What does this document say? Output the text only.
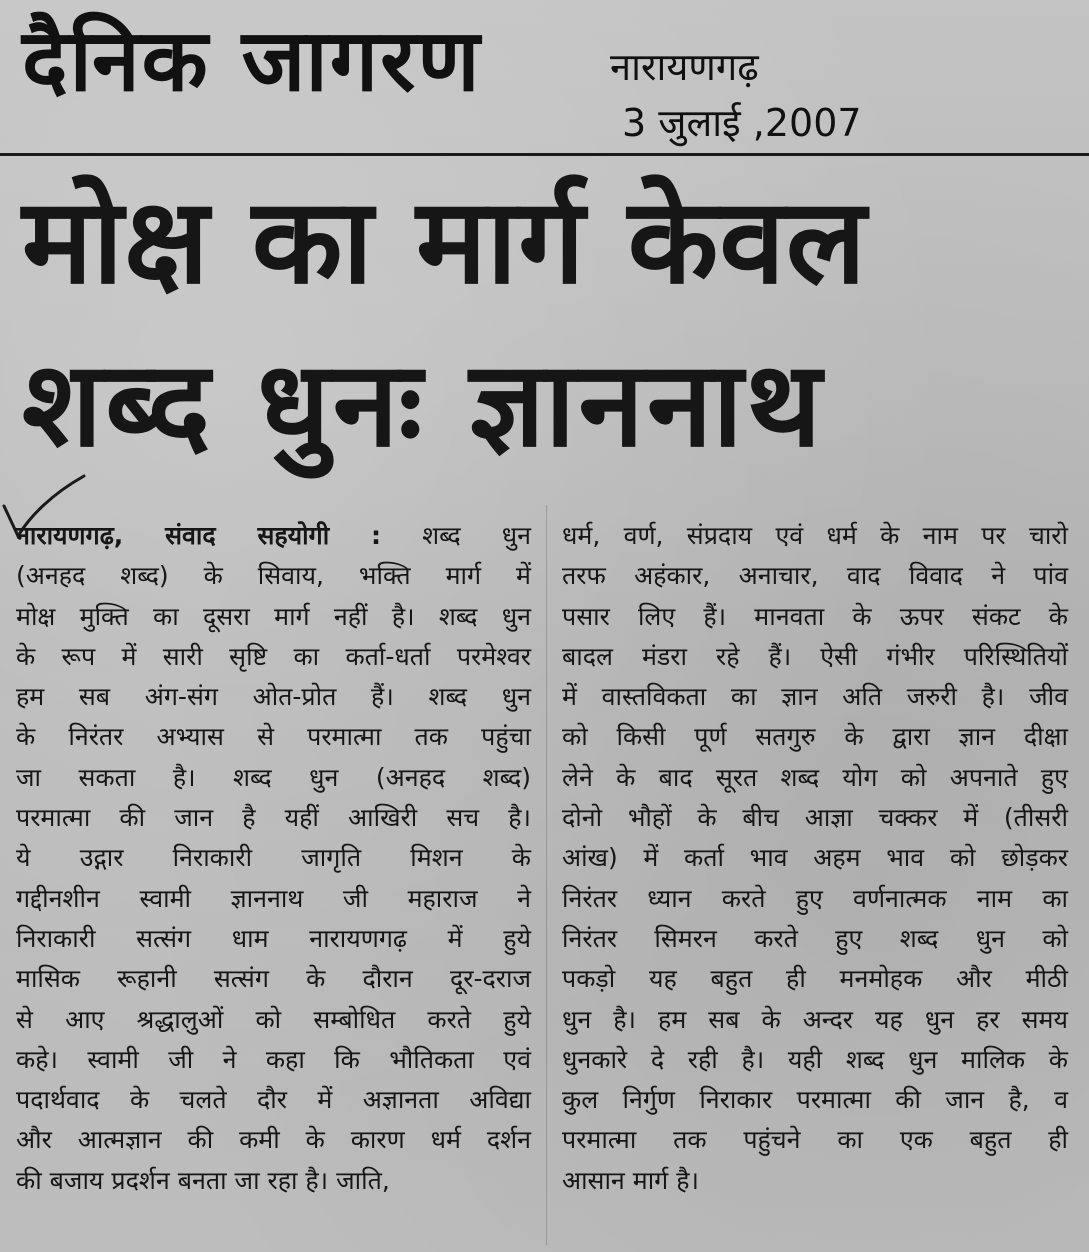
दैनिक जागरण	नारायणगढ़
3 जुलाई ,2007
मोक्ष का मार्ग केवल
शब्द धुनः ज्ञाननाथ
नारायणगढ़, संवाद सहयोगी : शब्द धुन
(अनहद शब्द) के सिवाय, भक्ति मार्ग में
मोक्ष मुक्ति का दूसरा मार्ग नहीं है। शब्द धुन
के रूप में सारी सृष्टि का कर्ता-धर्ता परमेश्वर
हम सब अंग-संग ओत-प्रोत हैं। शब्द धुन
के निरंतर अभ्यास से परमात्मा तक पहुंचा
जा सकता है। शब्द धुन (अनहद शब्द)
परमात्मा की जान है यहीं आखिरी सच है।
ये उद्गार निराकारी जागृति मिशन के
गद्दीनशीन स्वामी ज्ञाननाथ जी महाराज ने
निराकारी सत्संग धाम नारायणगढ़ में हुये
मासिक रूहानी सत्संग के दौरान दूर-दराज
से आए श्रद्धालुओं को सम्बोधित करते हुये
कहे। स्वामी जी ने कहा कि भौतिकता एवं
पदार्थवाद के चलते दौर में अज्ञानता अविद्या
और आत्मज्ञान की कमी के कारण धर्म दर्शन
की बजाय प्रदर्शन बनता जा रहा है। जाति,
धर्म, वर्ण, संप्रदाय एवं धर्म के नाम पर चारो
तरफ अहंकार, अनाचार, वाद विवाद ने पांव
पसार लिए हैं। मानवता के ऊपर संकट के
बादल मंडरा रहे हैं। ऐसी गंभीर परिस्थितियों
में वास्तविकता का ज्ञान अति जरुरी है। जीव
को किसी पूर्ण सतगुरु के द्वारा ज्ञान दीक्षा
लेने के बाद सूरत शब्द योग को अपनाते हुए
दोनो भौहों के बीच आज्ञा चक्कर में (तीसरी
आंख) में कर्ता भाव अहम भाव को छोड़कर
निरंतर ध्यान करते हुए वर्णनात्मक नाम का
निरंतर सिमरन करते हुए शब्द धुन को
पकड़ो यह बहुत ही मनमोहक और मीठी
धुन है। हम सब के अन्दर यह धुन हर समय
धुनकारे दे रही है। यही शब्द धुन मालिक के
कुल निर्गुण निराकार परमात्मा की जान है, व
परमात्मा तक पहुंचने का एक बहुत ही
आसान मार्ग है।
